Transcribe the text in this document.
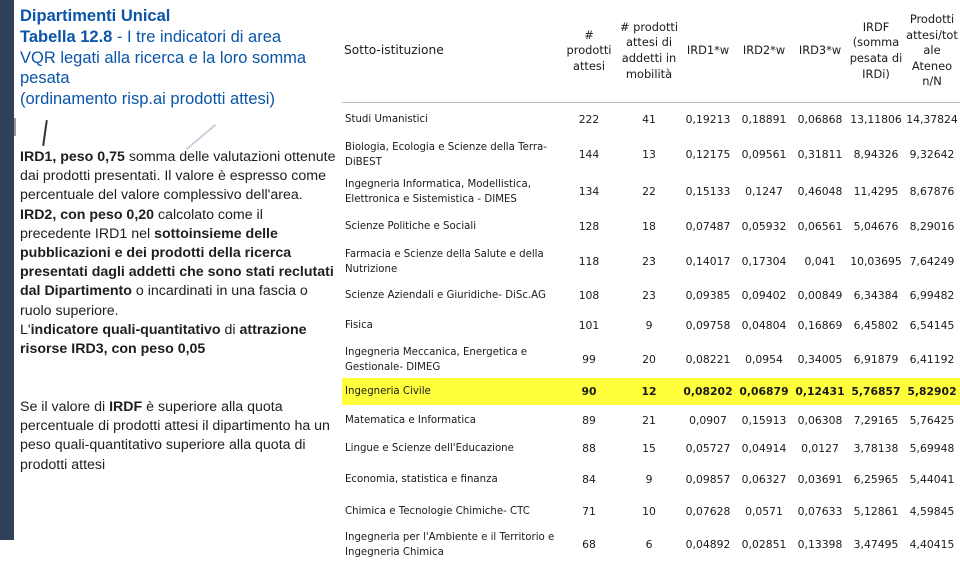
Dipartimenti Unical
Tabella 12.8 - I tre indicatori di area
VQR legati alla ricerca e la loro somma
pesata
(ordinamento risp.ai prodotti attesi)
IRD1, peso 0,75 somma delle valutazioni ottenute dai prodotti presentati. Il valore è espresso come percentuale del valore complessivo dell'area.
IRD2, con peso 0,20 calcolato come il precedente IRD1 nel sottoinsieme delle pubblicazioni e dei prodotti della ricerca presentati dagli addetti che sono stati reclutati dal Dipartimento o incardinati in una fascia o ruolo superiore.
L'indicatore quali-quantitativo di attrazione risorse IRD3, con peso 0,05
Se il valore di IRDF è superiore alla quota percentuale di prodotti attesi il dipartimento ha un peso quali-quantitativo superiore alla quota di prodotti attesi
Sotto-istituzione	# prodotti attesi	# prodotti attesi di addetti in mobilità	IRD1*w	IRD2*w	IRD3*w	IRDF (somma pesata di IRDi)	Prodotti attesi/tot ale Ateneo n/N
Studi Umanistici	222	41	0,19213	0,18891	0,06868	13,11806	14,37824
Biologia, Ecologia e Scienze della Terra- DiBEST	144	13	0,12175	0,09561	0,31811	8,94326	9,32642
Ingegneria Informatica, Modellistica, Elettronica e Sistemistica - DIMES	134	22	0,15133	0,1247	0,46048	11,4295	8,67876
Scienze Politiche e Sociali	128	18	0,07487	0,05932	0,06561	5,04676	8,29016
Farmacia e Scienze della Salute e della Nutrizione	118	23	0,14017	0,17304	0,041	10,03695	7,64249
Scienze Aziendali e Giuridiche- DiSc.AG	108	23	0,09385	0,09402	0,00849	6,34384	6,99482
Fisica	101	9	0,09758	0,04804	0,16869	6,45802	6,54145
Ingegneria Meccanica, Energetica e Gestionale- DIMEG	99	20	0,08221	0,0954	0,34005	6,91879	6,41192
Ingegneria Civile	90	12	0,08202	0,06879	0,12431	5,76857	5,82902
Matematica e Informatica	89	21	0,0907	0,15913	0,06308	7,29165	5,76425
Lingue e Scienze dell'Educazione	88	15	0,05727	0,04914	0,0127	3,78138	5,69948
Economia, statistica e finanza	84	9	0,09857	0,06327	0,03691	6,25965	5,44041
Chimica e Tecnologie Chimiche- CTC	71	10	0,07628	0,0571	0,07633	5,12861	4,59845
Ingegneria per l'Ambiente e il Territorio e Ingegneria Chimica	68	6	0,04892	0,02851	0,13398	3,47495	4,40415
